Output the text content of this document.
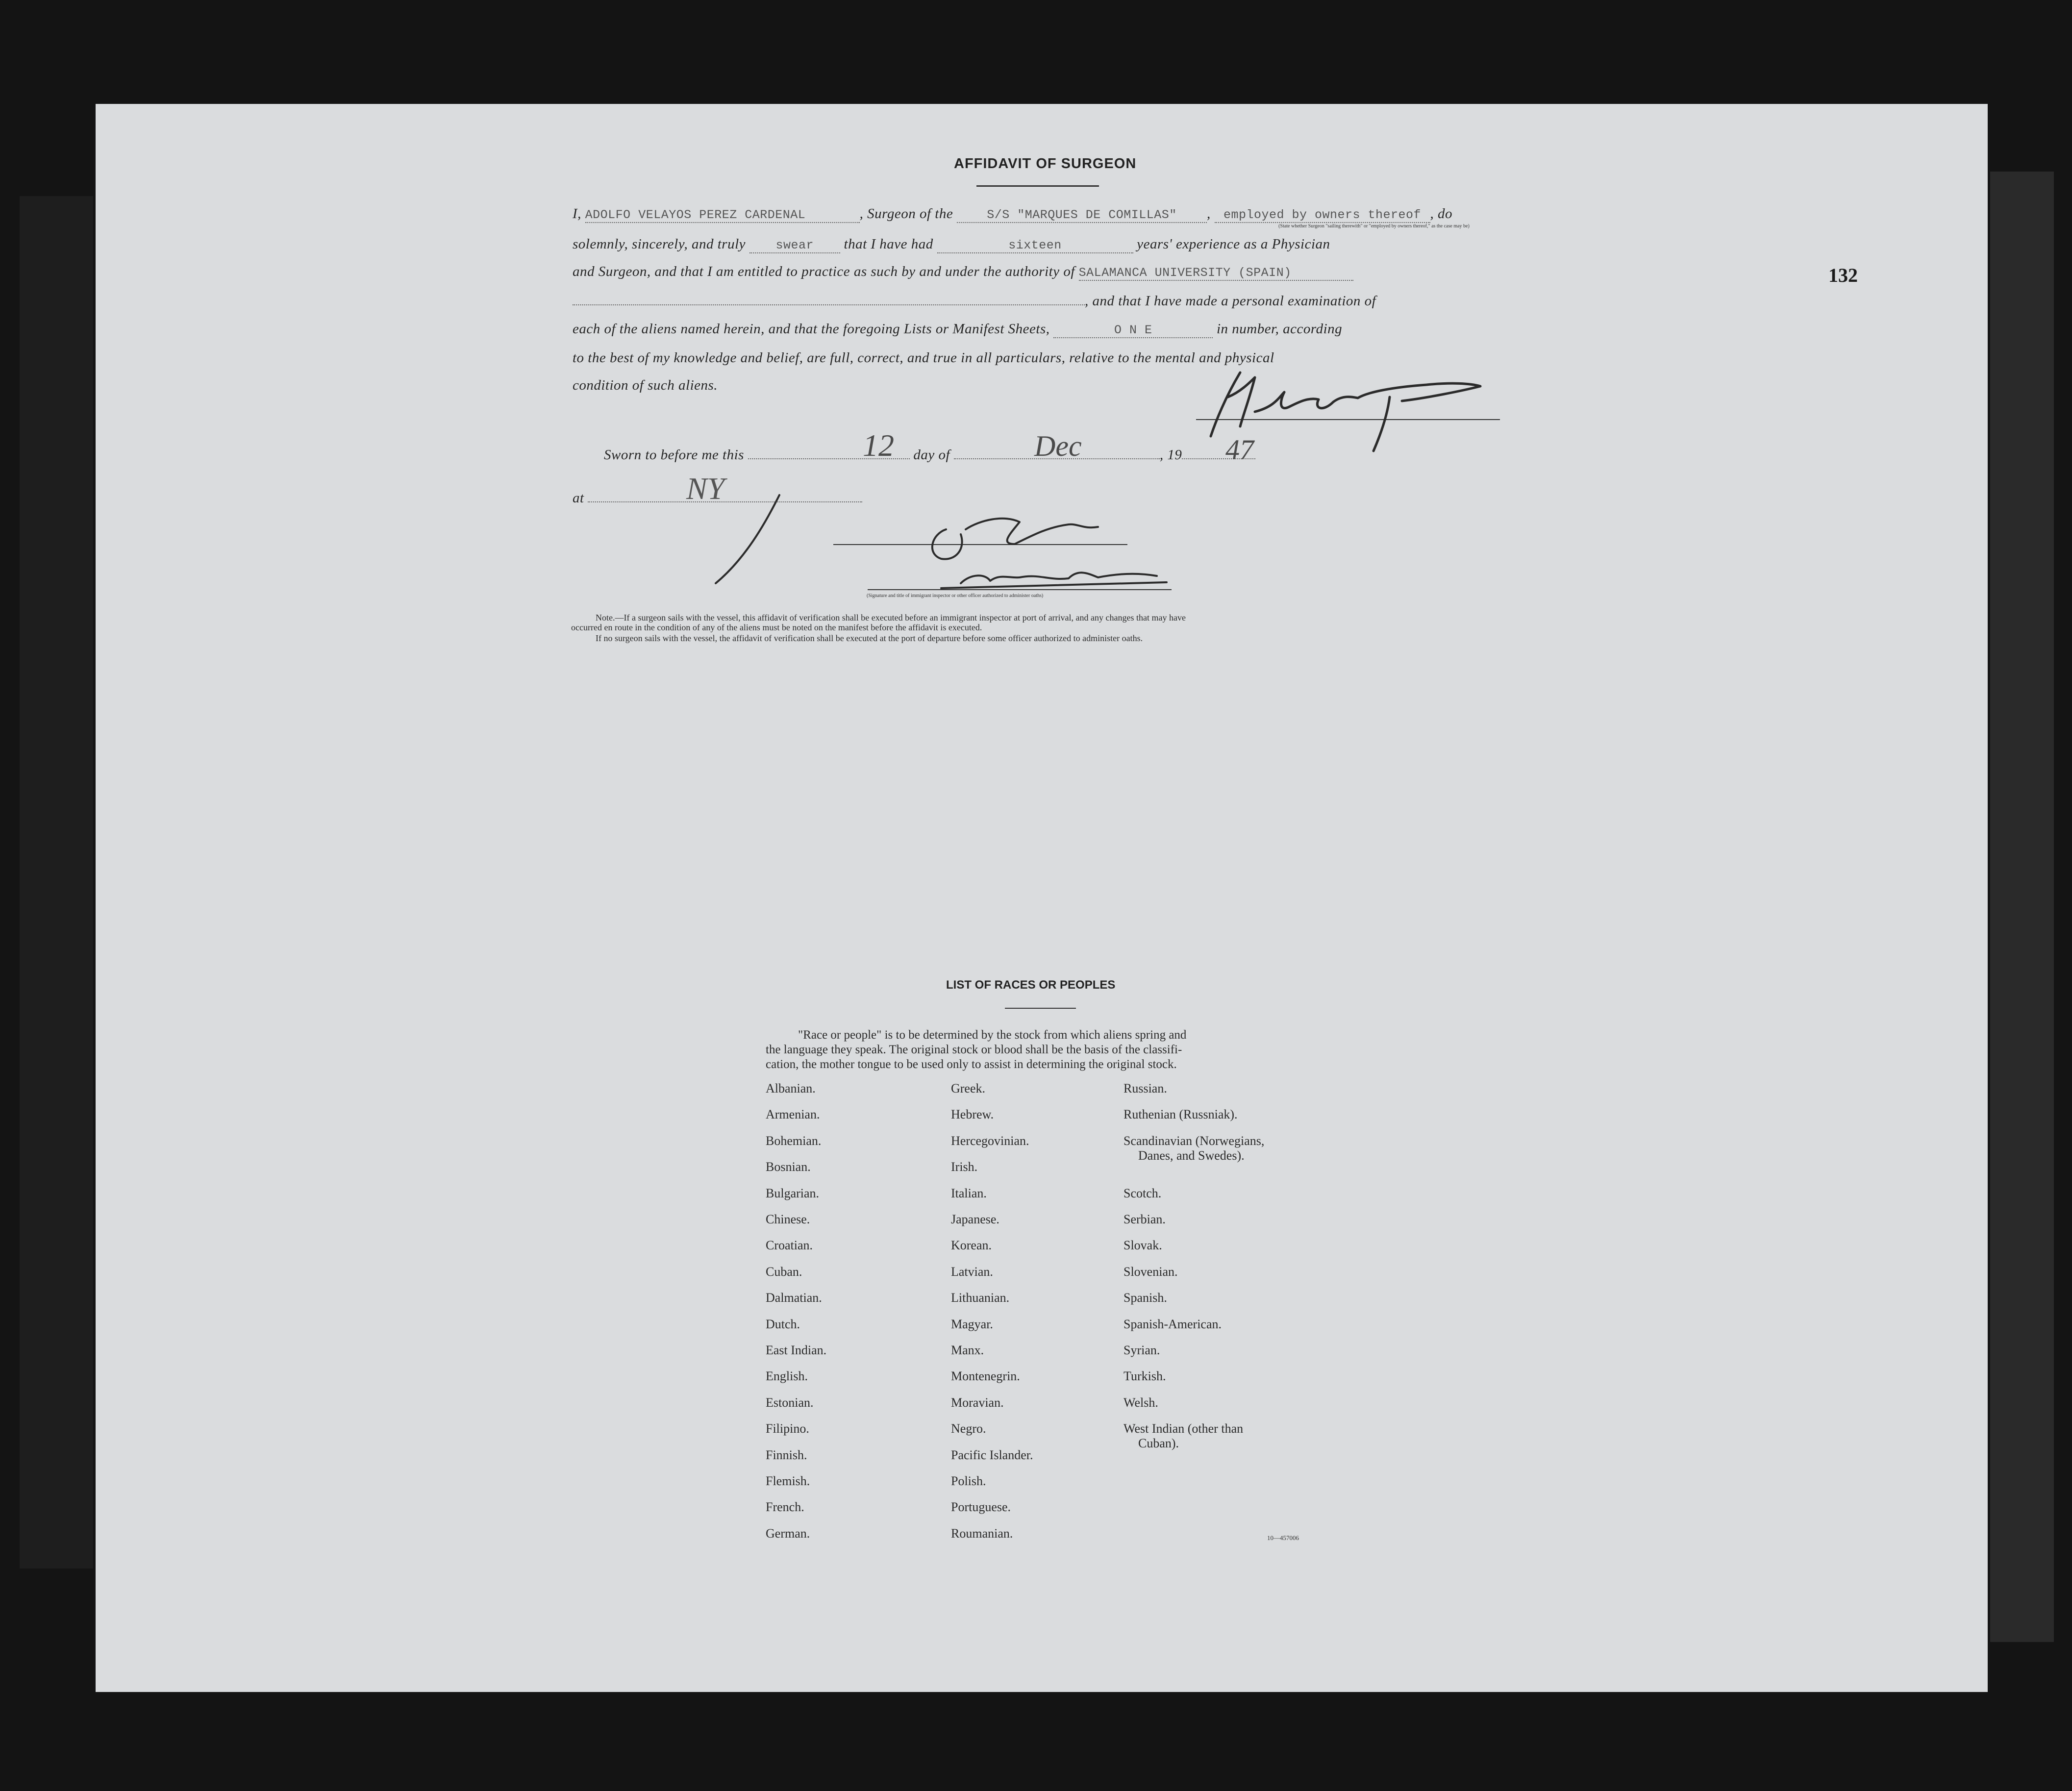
132
AFFIDAVIT OF SURGEON
I, ADOLFO VELAYOS PEREZ CARDENAL	, Surgeon of the	S/S "MARQUES DE COMILLAS" , employed by owners thereof , do
(State whether Surgeon "sailing therewith" or "employed by owners thereof," as the case may be)
solemnly, sincerely, and truly swear that I have had	sixteen	years' experience as a Physician
and Surgeon, and that I am entitled to practice as such by and under the authority of SALAMANCA UNIVERSITY (SPAIN)
, and that I have made a personal examination of
each of the aliens named herein, and that the foregoing Lists or Manifest Sheets,	O N E	in number, according
to the best of my knowledge and belief, are full, correct, and true in all particulars, relative to the mental and physical
condition of such aliens.
Sworn to before me this	day of	, 19
12	Dec	47
at	NY
(Signature and title of immigrant inspector or other officer authorized to administer oaths)
Note.—If a surgeon sails with the vessel, this affidavit of verification shall be executed before an immigrant inspector at port of arrival, and any changes that may have
occurred en route in the condition of any of the aliens must be noted on the manifest before the affidavit is executed.
If no surgeon sails with the vessel, the affidavit of verification shall be executed at the port of departure before some officer authorized to administer oaths.
LIST OF RACES OR PEOPLES
"Race or people" is to be determined by the stock from which aliens spring and
the language they speak. The original stock or blood shall be the basis of the classifi-
cation, the mother tongue to be used only to assist in determining the original stock.
Albanian.
Armenian.
Bohemian.
Bosnian.
Bulgarian.
Chinese.
Croatian.
Cuban.
Dalmatian.
Dutch.
East Indian.
English.
Estonian.
Filipino.
Finnish.
Flemish.
French.
German.
Greek.
Hebrew.
Hercegovinian.
Irish.
Italian.
Japanese.
Korean.
Latvian.
Lithuanian.
Magyar.
Manx.
Montenegrin.
Moravian.
Negro.
Pacific Islander.
Polish.
Portuguese.
Roumanian.
Russian.
Ruthenian (Russniak).
Scandinavian (Norwegians,
Danes, and Swedes).
Scotch.
Serbian.
Slovak.
Slovenian.
Spanish.
Spanish-American.
Syrian.
Turkish.
Welsh.
West Indian (other than
Cuban).
10—457006
